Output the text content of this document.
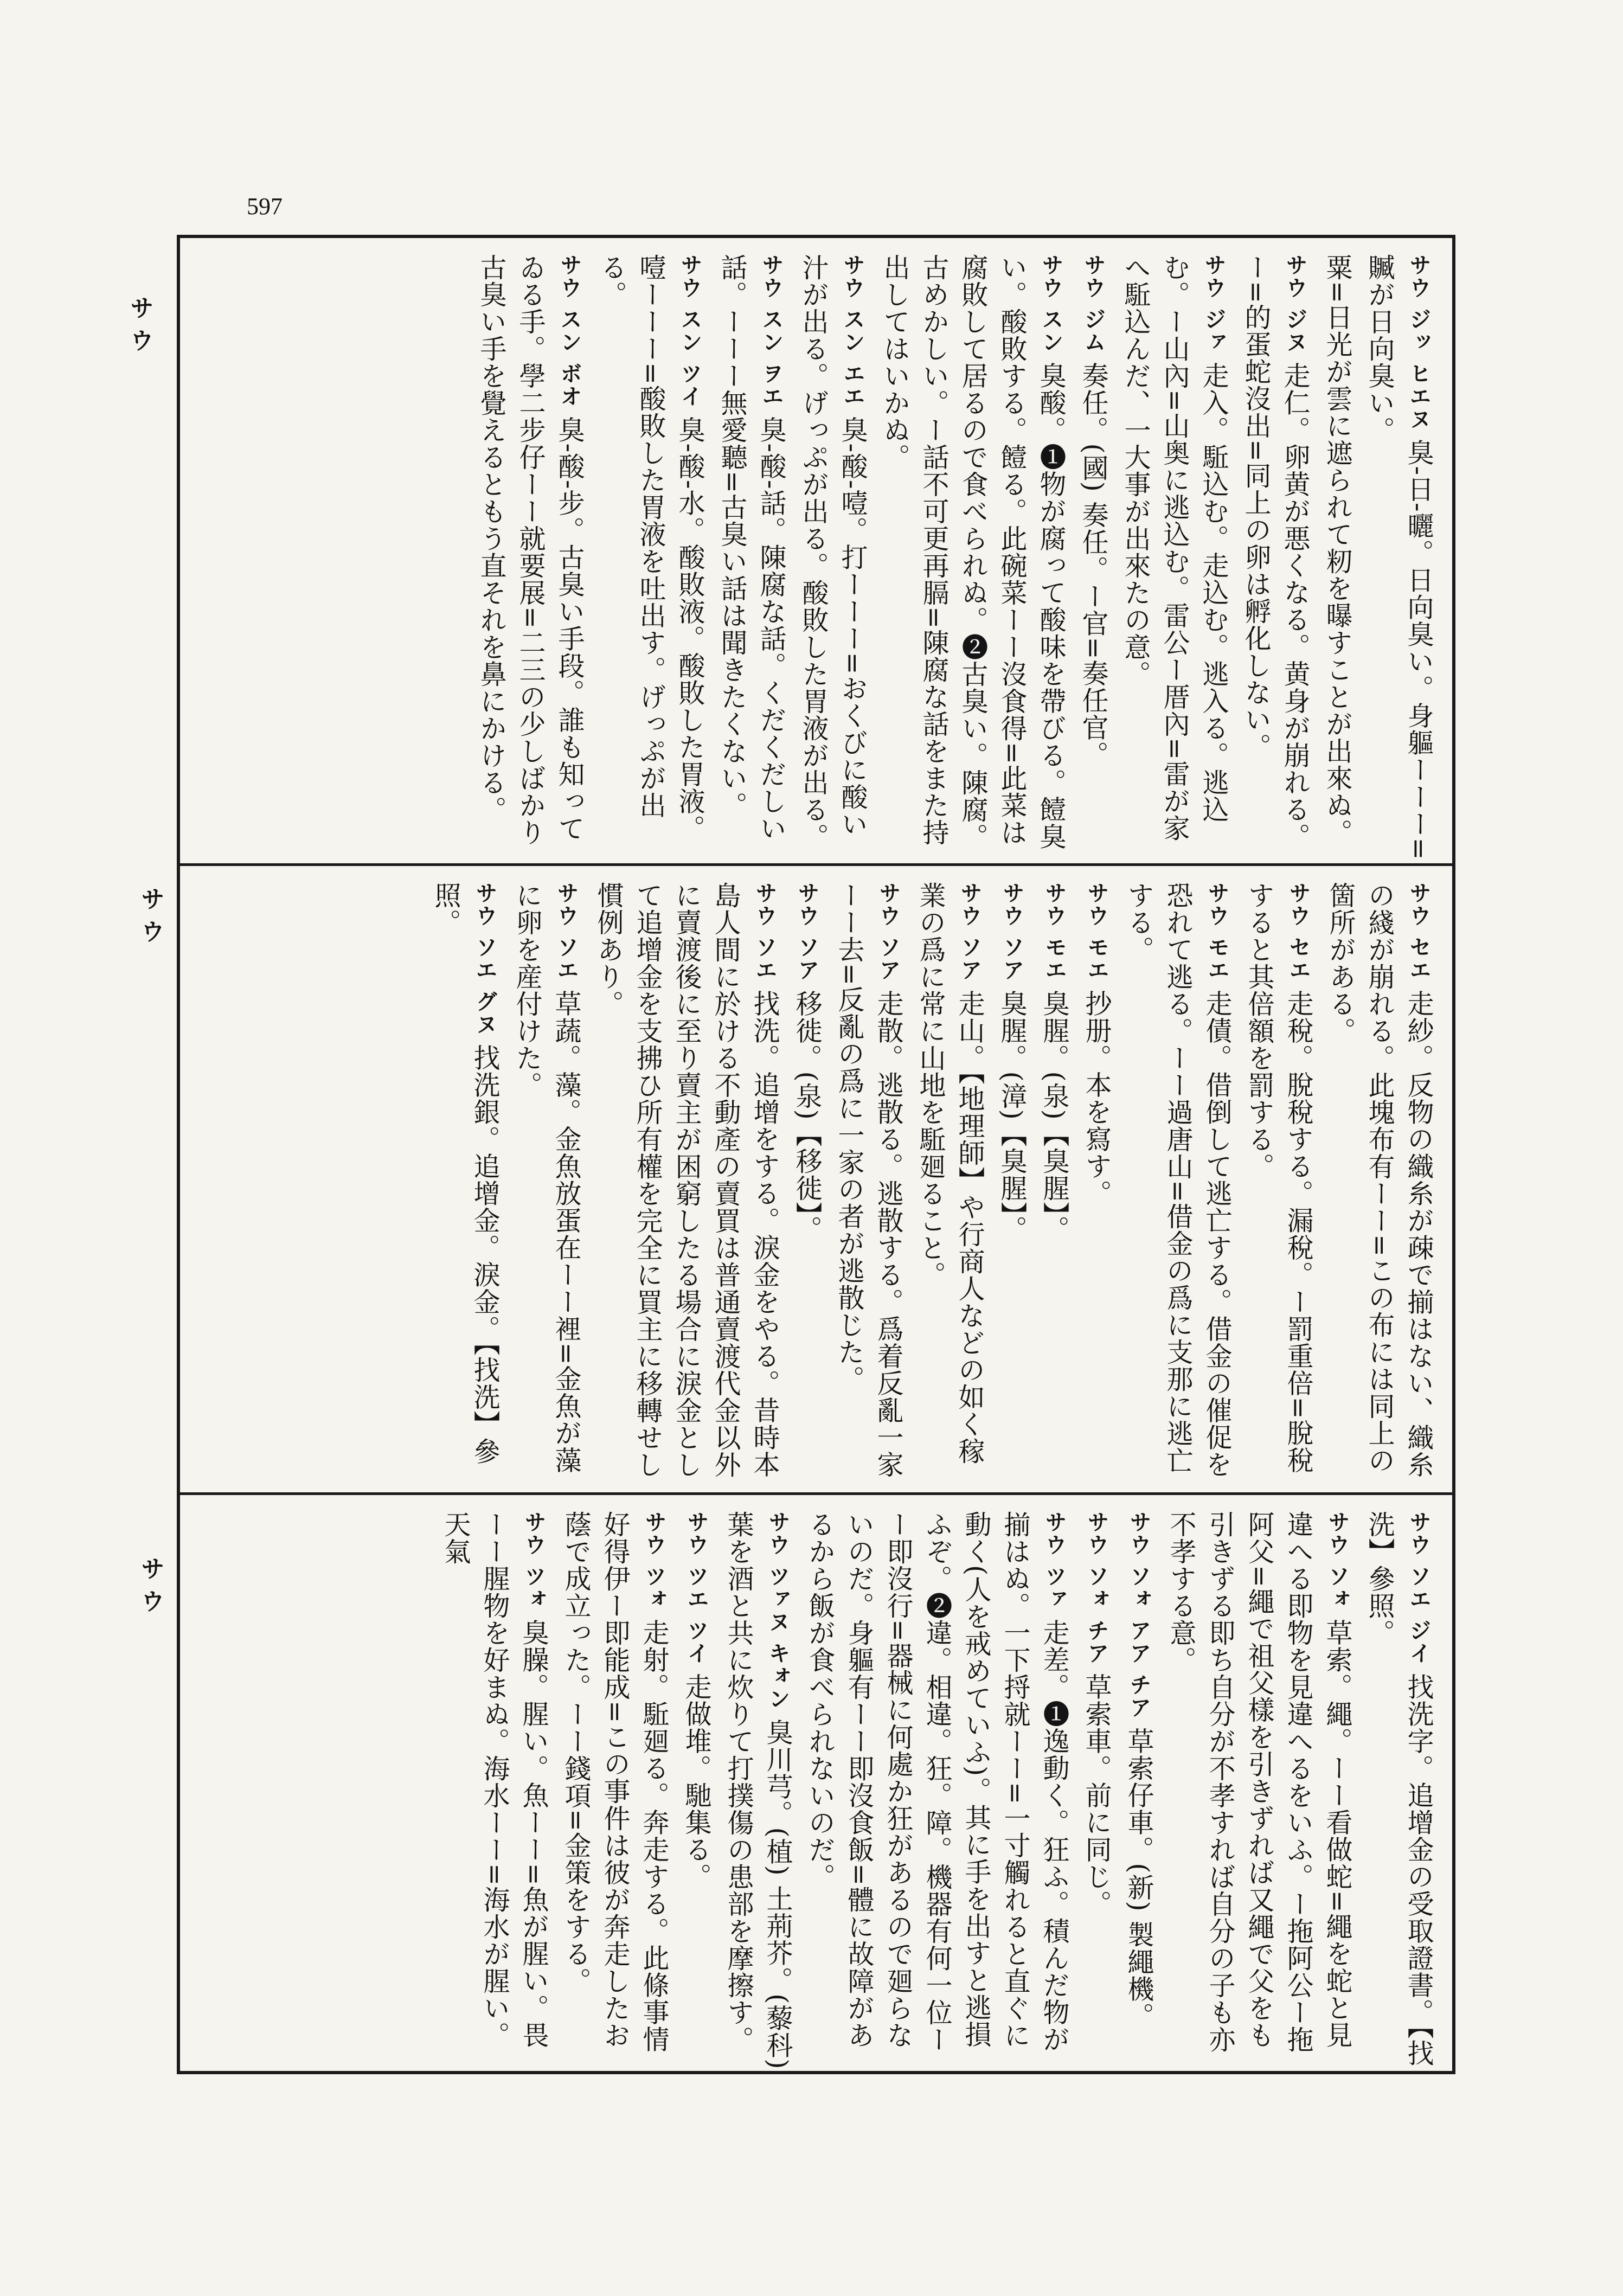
597
サウ
サウ
サウ
サウ ジッ ヒエヌ 臭-日-曬。日向臭い。身軀ーーー=贓が日向臭い。
粟=日光が雲に遮られて籾を曝すことが出來ぬ。
サウ ジヌ 走仁。卵黄が悪くなる。黄身が崩れる。ー=的蛋蛇沒出=同上の卵は孵化しない。
サウ ジァ 走入。駈込む。走込む。逃入る。逃込む。ー山內=山奥に逃込む。雷公ー厝內=雷が家へ駈込んだ、一大事が出來たの意。
サウ ジム 奏任。(國) 奏任。ー官=奏任官。
サウ スン 臭酸。❶物が腐って酸味を帶びる。饐臭い。酸敗する。饐る。此碗菜ーー沒食得=此菜は腐敗して居るので食べられぬ。❷古臭い。陳腐。古めかしい。ー話不可更再膈=陳腐な話をまた持出してはいかぬ。
サウ スン エエ 臭-酸-噎。打ーーー=おくびに酸い汁が出る。げっぷが出る。酸敗した胃液が出る。
サウ スン ヲエ 臭-酸-話。陳腐な話。くだくだしい話。ーーー無愛聽=古臭い話は聞きたくない。
サウ スン ツイ 臭-酸-水。酸敗液。酸敗した胃液。噎ーーー=酸敗した胃液を吐出す。げっぷが出る。
サウ スン ボオ 臭-酸-步。古臭い手段。誰も知ってゐる手。學二步仔ーー就要展=二三の少しばかり古臭い手を覺えるともう直それを鼻にかける。
サウ セエ 走紗。反物の織糸が疎で揃はない、織糸の綫が崩れる。此塊布有ーー=この布には同上の箇所がある。
サウ セエ 走稅。脫稅する。漏稅。ー罰重倍=脫稅すると其倍額を罰する。
サウ モエ 走債。借倒して逃亡する。借金の催促を恐れて逃る。ーー過唐山=借金の爲に支那に逃亡する。
サウ モエ 抄册。本を寫す。
サウ モエ 臭腥。(泉)【臭腥】。
サウ ソア 臭腥。(漳)【臭腥】。
サウ ソア 走山。【地理師】や行商人などの如く稼業の爲に常に山地を駈廻ること。
サウ ソア 走散。逃散る。逃散する。爲着反亂一家ーー去=反亂の爲に一家の者が逃散じた。
サウ ソア 移徙。(泉)【移徙】。
サウ ソエ 找洗。追增をする。淚金をやる。昔時本島人間に於ける不動產の賣買は普通賣渡代金以外に賣渡後に至り賣主が困窮したる場合に淚金として追增金を支拂ひ所有權を完全に買主に移轉せし慣例あり。
サウ ソエ 草蔬。藻。金魚放蛋在ーー裡=金魚が藻に卵を産付けた。
サウ ソエ グヌ 找洗銀。追增金。淚金。【找洗】參照。
サウ ソエ ジイ 找洗字。追增金の受取證書。【找洗】參照。
サウ ソォ 草索。繩。ーー看做蛇=繩を蛇と見違へる即物を見違へるをいふ。ー拖阿公ー拖阿父=繩で祖父樣を引きずれば又繩で父をも引きずる即ち自分が不孝すれば自分の子も亦不孝する意。
サウ ソォ アア チア 草索仔車。(新) 製繩機。
サウ ソォ チア 草索車。前に同じ。
サウ ツァ 走差。❶逸動く。狂ふ。積んだ物が揃はぬ。一下捋就ーー=一寸觸れると直ぐに動く(人を戒めていふ)。其に手を出すと逃損ふぞ。❷違。相違。狂。障。機器有何一位ーー即沒行=器械に何處か狂があるので廻らないのだ。身軀有ーー即沒食飯=體に故障があるから飯が食べられないのだ。
サウ ツァヌ キォン 臭川芎。(植) 土荊芥。(藜科) 葉を酒と共に炊りて打撲傷の患部を摩擦す。
サウ ツエ ツイ 走做堆。馳集る。
サウ ツォ 走射。駈廻る。奔走する。此條事情好得伊ー即能成=この事件は彼が奔走したお蔭で成立った。ーー錢項=金策をする。
サウ ツォ 臭臊。腥い。魚ーー=魚が腥い。畏ーー腥物を好まぬ。海水ーー=海水が腥い。天氣
